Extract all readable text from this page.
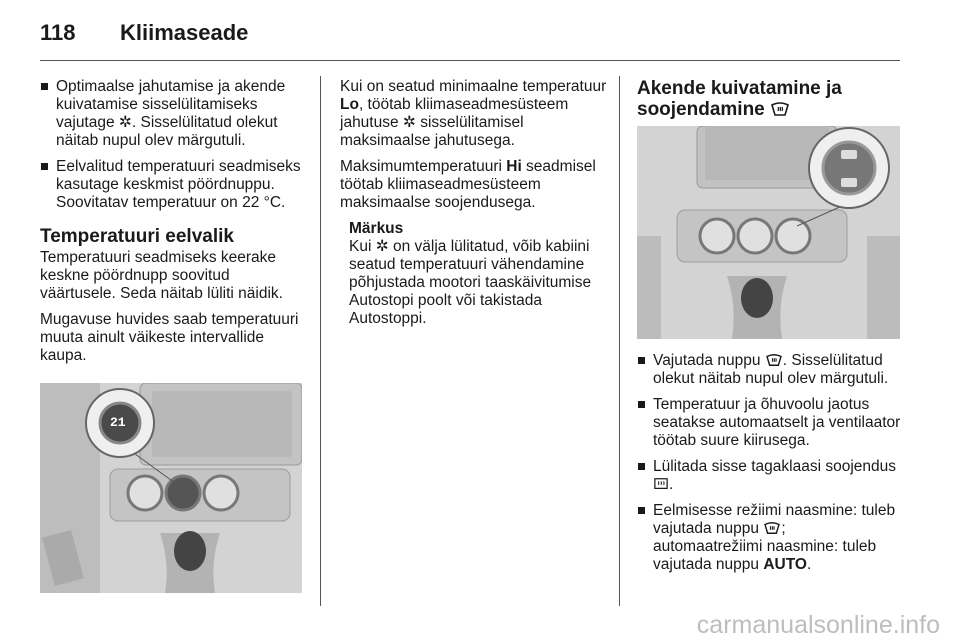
118 Kliimaseade
Optimaalse jahutamise ja akende kuivatamise sisselülitamiseks vajutage ✲. Sisselülitatud olekut näitab nupul olev märgutuli.
Eelvalitud temperatuuri seadmiseks kasutage keskmist pöördnuppu. Soovitatav temperatuur on 22 °C.
Temperatuuri eelvalik

Temperatuuri seadmiseks keerake keskne pöördnupp soovitud väärtusele. Seda näitab lüliti näidik.

Mugavuse huvides saab temperatuuri muuta ainult väikeste intervallide kaupa.

21

Kui on seatud minimaalne temperatuur Lo, töötab kliimaseadmesüsteem jahutuse ✲ sisselülitamisel maksimaalse jahutusega.

Maksimumtemperatuuri Hi seadmisel töötab kliimaseadmesüsteem maksimaalse soojendusega.

Märkus

Kui ✲ on välja lülitatud, võib kabiini seatud temperatuuri vähendamine põhjustada mootori taaskäivitumise Autostopi poolt või takistada Autostoppi.

Akende kuivatamine ja soojendamine
Vajutada nuppu . Sisselülitatud olekut näitab nupul olev märgutuli.
Temperatuur ja õhuvoolu jaotus seatakse automaatselt ja ventilaator töötab suure kiirusega.
Lülitada sisse tagaklaasi soojendus .
Eelmisesse režiimi naasmine: tuleb vajutada nuppu ;
automaatrežiimi naasmine: tuleb vajutada nuppu AUTO.
carmanualsonline.info
